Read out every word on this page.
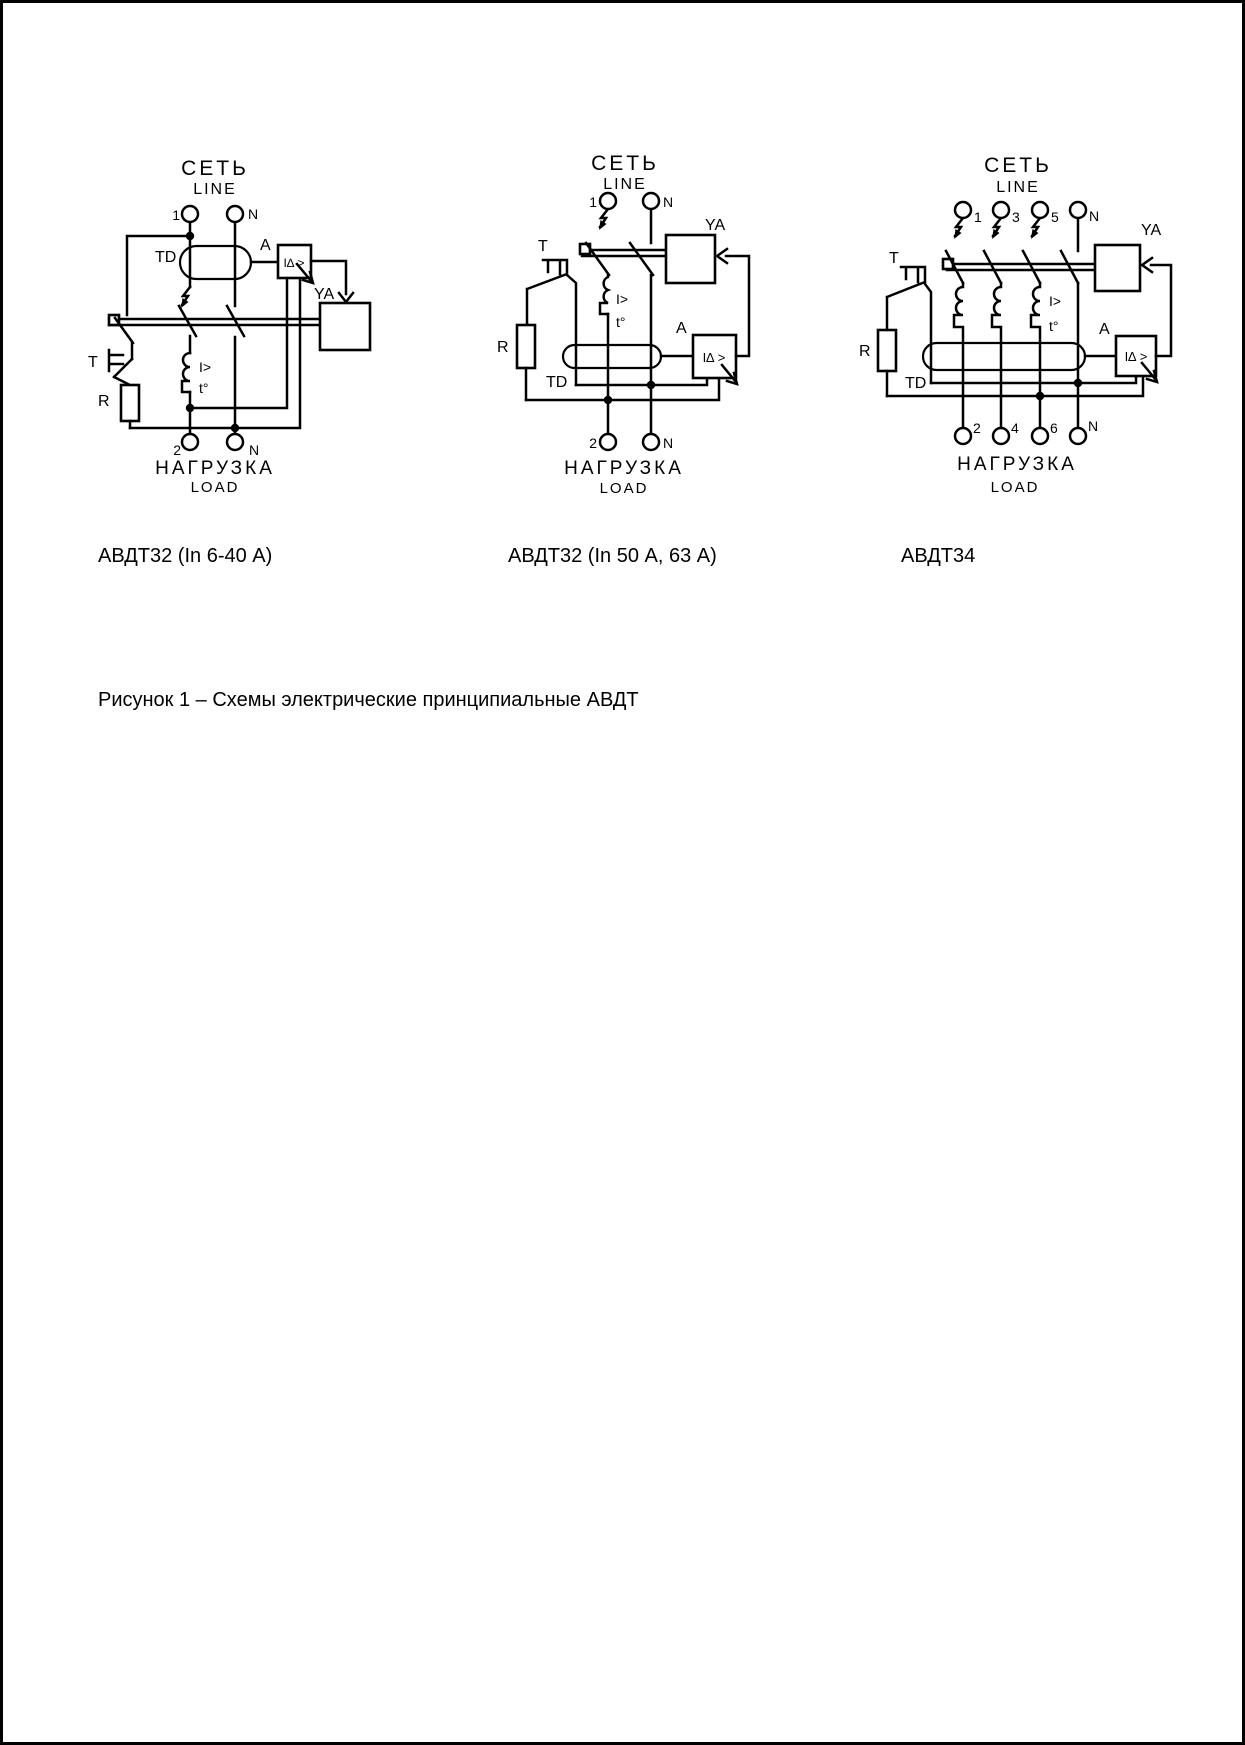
СЕТЬ
LINE
TD
I>
t°
T
R
A
I∆ >
YA
1	N
2	N
НАГРУЗКА
LOAD
СЕТЬ
LINE
I>
t°
T
R
TD
A
I∆ >
YA
1	N
2	N
НАГРУЗКА
LOAD
СЕТЬ
LINE
I>
t°
T
R
TD
A
I∆ >
YA
1 3 5 N
2 4 6 N
НАГРУЗКА
LOAD
АВДТ32 (In 6-40 А)	АВДТ32 (In 50 А, 63 А)	АВДТ34
Рисунок 1 – Схемы электрические принципиальные АВДТ
